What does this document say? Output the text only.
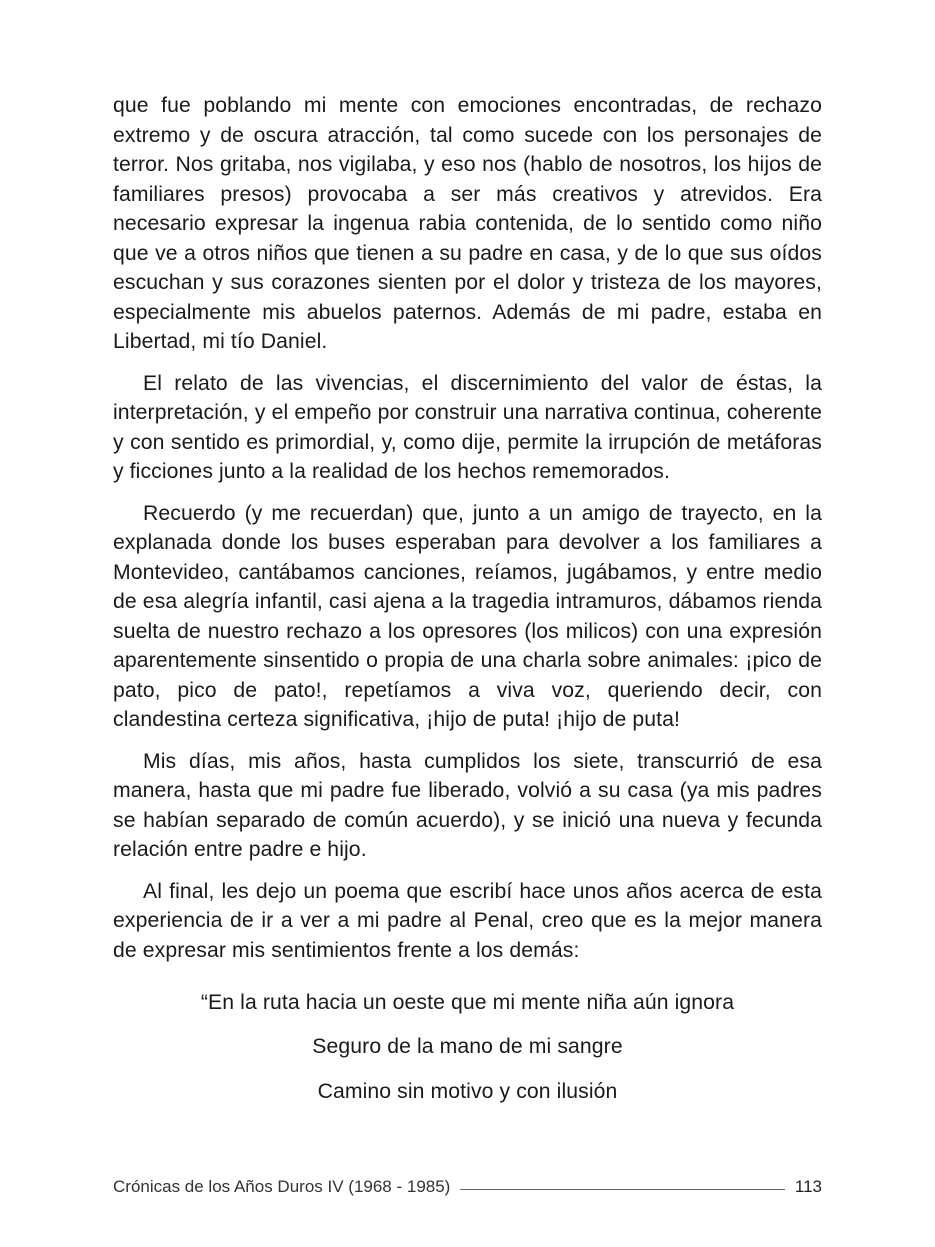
que fue poblando mi mente con emociones encontradas, de rechazo extremo y de oscura atracción, tal como sucede con los personajes de terror. Nos gritaba, nos vigilaba, y eso nos (hablo de nosotros, los hijos de familiares presos) provocaba a ser más creativos y atrevidos. Era necesario expresar la ingenua rabia contenida, de lo sentido como niño que ve a otros niños que tienen a su padre en casa, y de lo que sus oídos escuchan y sus corazones sienten por el dolor y tristeza de los mayores, especialmente mis abuelos paternos. Además de mi padre, estaba en Libertad, mi tío Daniel.

El relato de las vivencias, el discernimiento del valor de éstas, la interpretación, y el empeño por construir una narrativa continua, coherente y con sentido es primordial, y, como dije, permite la irrupción de metáforas y ficciones junto a la realidad de los hechos rememorados.

Recuerdo (y me recuerdan) que, junto a un amigo de trayecto, en la explanada donde los buses esperaban para devolver a los familiares a Montevideo, cantábamos canciones, reíamos, jugábamos, y entre medio de esa alegría infantil, casi ajena a la tragedia intramuros, dábamos rienda suelta de nuestro rechazo a los opresores (los milicos) con una expresión aparentemente sinsentido o propia de una charla sobre animales: ¡pico de pato, pico de pato!, repetíamos a viva voz, queriendo decir, con clandestina certeza significativa, ¡hijo de puta! ¡hijo de puta!

Mis días, mis años, hasta cumplidos los siete, transcurrió de esa manera, hasta que mi padre fue liberado, volvió a su casa (ya mis padres se habían separado de común acuerdo), y se inició una nueva y fecunda relación entre padre e hijo.

Al final, les dejo un poema que escribí hace unos años acerca de esta experiencia de ir a ver a mi padre al Penal, creo que es la mejor manera de expresar mis sentimientos frente a los demás:

“En la ruta hacia un oeste que mi mente niña aún ignora

Seguro de la mano de mi sangre

Camino sin motivo y con ilusión

Crónicas de los Años Duros IV (1968 - 1985)	113
